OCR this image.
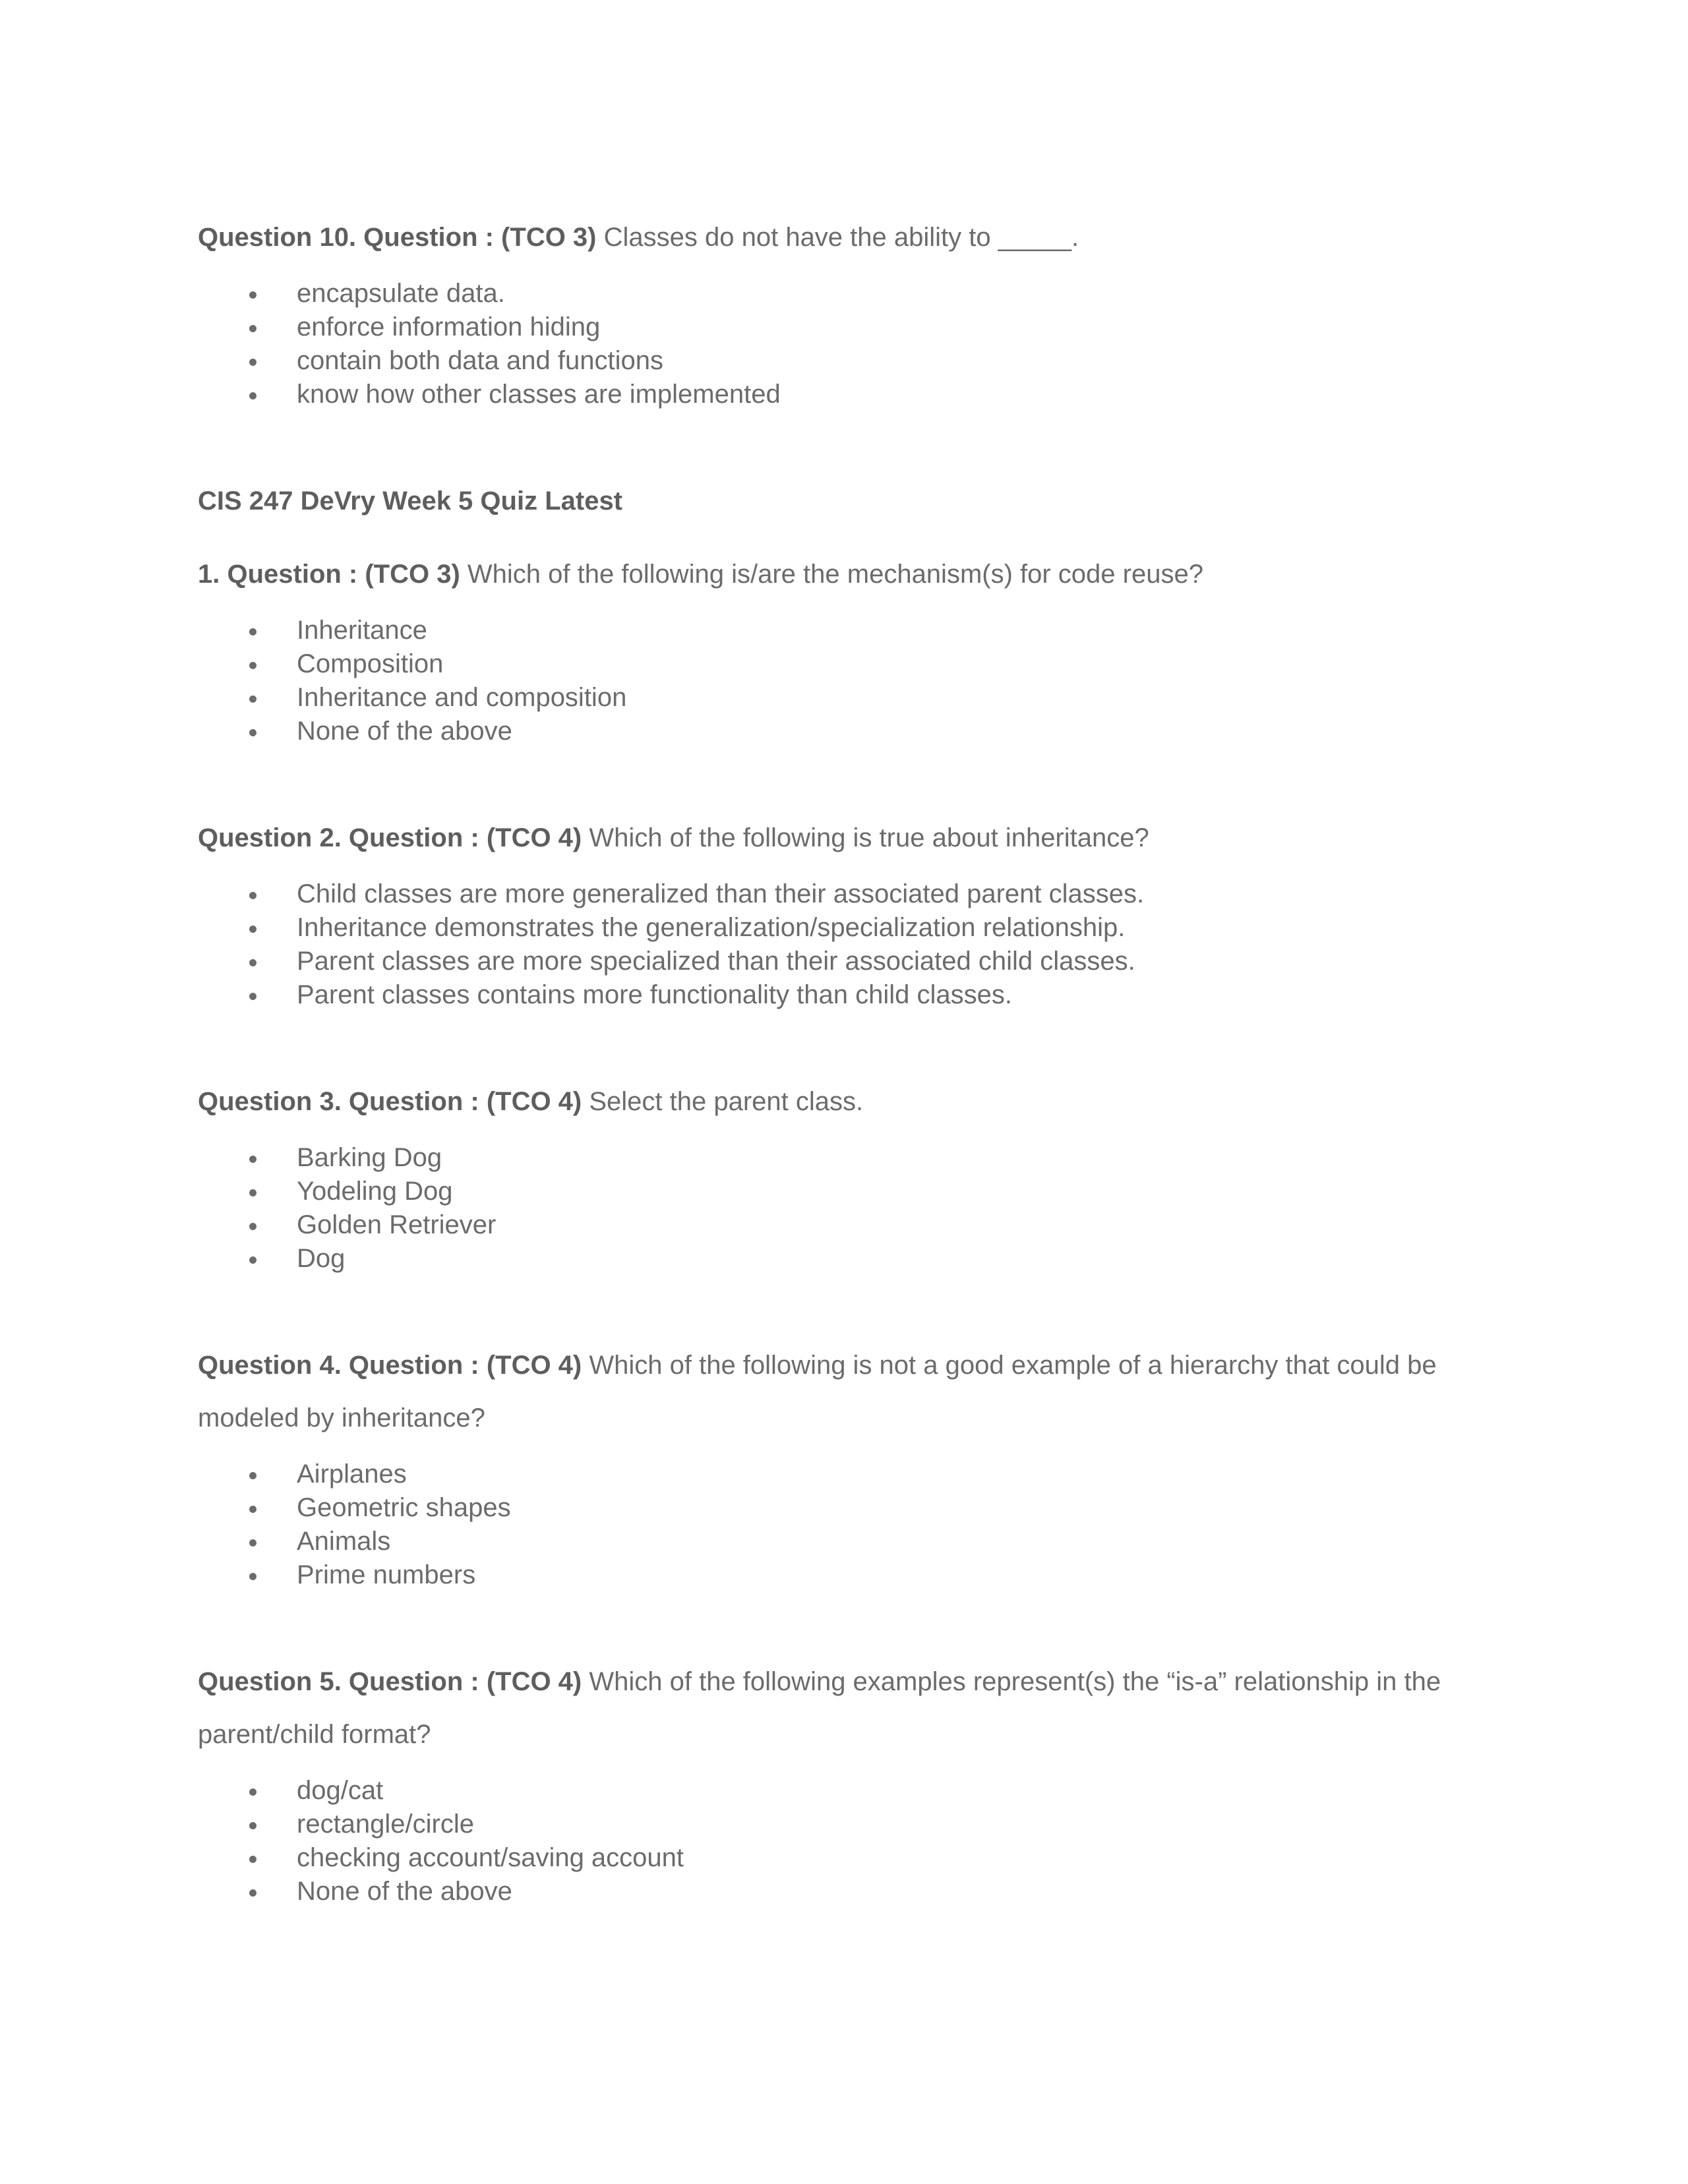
Question 10. Question : (TCO 3) Classes do not have the ability to _____.

encapsulate data.
enforce information hiding
contain both data and functions
know how other classes are implemented

CIS 247 DeVry Week 5 Quiz Latest

1. Question : (TCO 3) Which of the following is/are the mechanism(s) for code reuse?

Inheritance
Composition
Inheritance and composition
None of the above

Question 2. Question : (TCO 4) Which of the following is true about inheritance?

Child classes are more generalized than their associated parent classes.
Inheritance demonstrates the generalization/specialization relationship.
Parent classes are more specialized than their associated child classes.
Parent classes contains more functionality than child classes.

Question 3. Question : (TCO 4) Select the parent class.

Barking Dog
Yodeling Dog
Golden Retriever
Dog

Question 4. Question : (TCO 4) Which of the following is not a good example of a hierarchy that could be modeled by inheritance?

Airplanes
Geometric shapes
Animals
Prime numbers

Question 5. Question : (TCO 4) Which of the following examples represent(s) the “is-a” relationship in the parent/child format?

dog/cat
rectangle/circle
checking account/saving account
None of the above
